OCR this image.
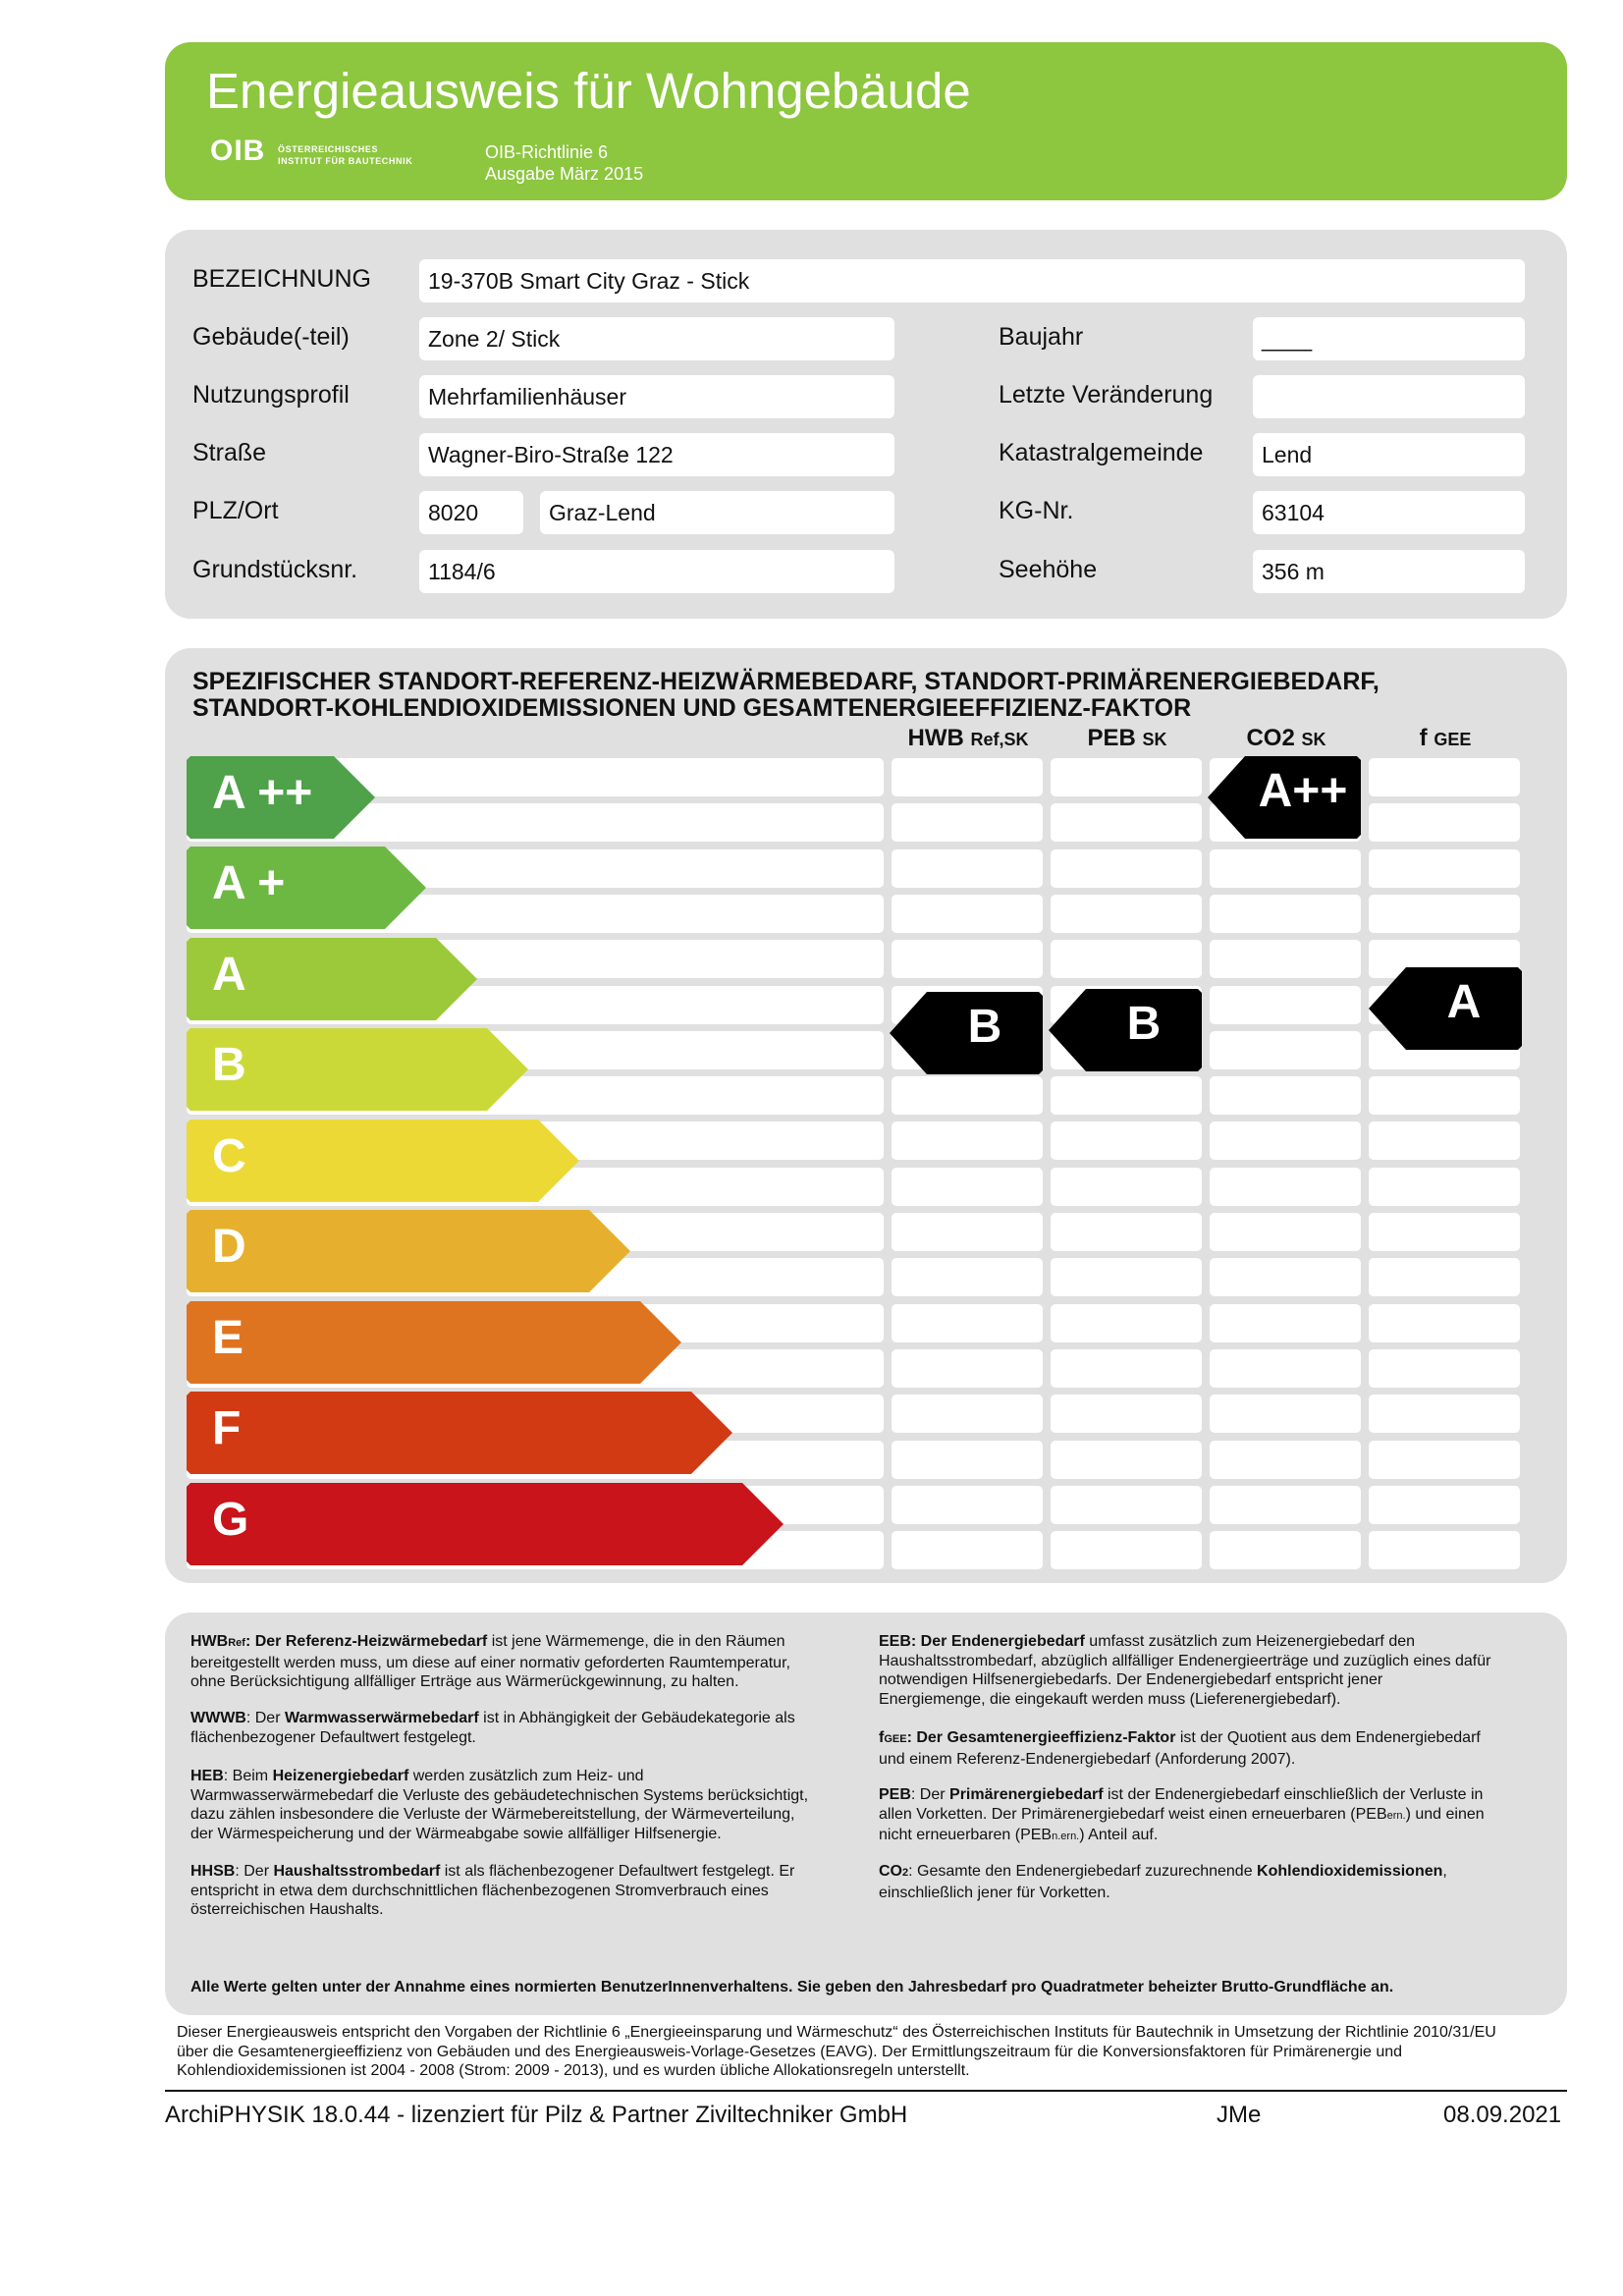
Energieausweis für Wohngebäude
OIB ÖSTERREICHISCHES
INSTITUT FÜR BAUTECHNIK	OIB-Richtlinie 6
Ausgabe März 2015
BEZEICHNUNG	19-370B Smart City Graz - Stick
Gebäude(-teil)	Zone 2/ Stick
Nutzungsprofil	Mehrfamilienhäuser
Straße	Wagner-Biro-Straße 122
PLZ/Ort	8020	Graz-Lend
Grundstücksnr.	1184/6
Baujahr	____
Letzte Veränderung
Katastralgemeinde	Lend
KG-Nr.	63104
Seehöhe	356 m
SPEZIFISCHER STANDORT-REFERENZ-HEIZWÄRMEBEDARF, STANDORT-PRIMÄRENERGIEBEDARF,
STANDORT-KOHLENDIOXIDEMISSIONEN UND GESAMTENERGIEEFFIZIENZ-FAKTOR
HWB Ref,SK	PEB SK	CO2 SK	f GEE
A ++
A +
A
B
C
D
E
F
G
B	B
A++
A
HWBRef: Der Referenz-Heizwärmebedarf ist jene Wärmemenge, die in den Räumen
bereitgestellt werden muss, um diese auf einer normativ geforderten Raumtemperatur,
ohne Berücksichtigung allfälliger Erträge aus Wärmerückgewinnung, zu halten.
WWWB: Der Warmwasserwärmebedarf ist in Abhängigkeit der Gebäudekategorie als
flächenbezogener Defaultwert festgelegt.
HEB: Beim Heizenergiebedarf werden zusätzlich zum Heiz- und
Warmwasserwärmebedarf die Verluste des gebäudetechnischen Systems berücksichtigt,
dazu zählen insbesondere die Verluste der Wärmebereitstellung, der Wärmeverteilung,
der Wärmespeicherung und der Wärmeabgabe sowie allfälliger Hilfsenergie.
HHSB: Der Haushaltsstrombedarf ist als flächenbezogener Defaultwert festgelegt. Er
entspricht in etwa dem durchschnittlichen flächenbezogenen Stromverbrauch eines
österreichischen Haushalts.
EEB: Der Endenergiebedarf umfasst zusätzlich zum Heizenergiebedarf den
Haushaltsstrombedarf, abzüglich allfälliger Endenergieerträge und zuzüglich eines dafür
notwendigen Hilfsenergiebedarfs. Der Endenergiebedarf entspricht jener
Energiemenge, die eingekauft werden muss (Lieferenergiebedarf).
fGEE: Der Gesamtenergieeffizienz-Faktor ist der Quotient aus dem Endenergiebedarf
und einem Referenz-Endenergiebedarf (Anforderung 2007).
PEB: Der Primärenergiebedarf ist der Endenergiebedarf einschließlich der Verluste in
allen Vorketten. Der Primärenergiebedarf weist einen erneuerbaren (PEBern.) und einen
nicht erneuerbaren (PEBn.ern.) Anteil auf.
CO2: Gesamte den Endenergiebedarf zuzurechnende Kohlendioxidemissionen,
einschließlich jener für Vorketten.
Alle Werte gelten unter der Annahme eines normierten BenutzerInnenverhaltens. Sie geben den Jahresbedarf pro Quadratmeter beheizter Brutto-Grundfläche an.
Dieser Energieausweis entspricht den Vorgaben der Richtlinie 6 „Energieeinsparung und Wärmeschutz“ des Österreichischen Instituts für Bautechnik in Umsetzung der Richtlinie 2010/31/EU
über die Gesamtenergieeffizienz von Gebäuden und des Energieausweis-Vorlage-Gesetzes (EAVG). Der Ermittlungszeitraum für die Konversionsfaktoren für Primärenergie und
Kohlendioxidemissionen ist 2004 - 2008 (Strom: 2009 - 2013), und es wurden übliche Allokationsregeln unterstellt.
ArchiPHYSIK 18.0.44 - lizenziert für Pilz & Partner Ziviltechniker GmbH	JMe	08.09.2021
